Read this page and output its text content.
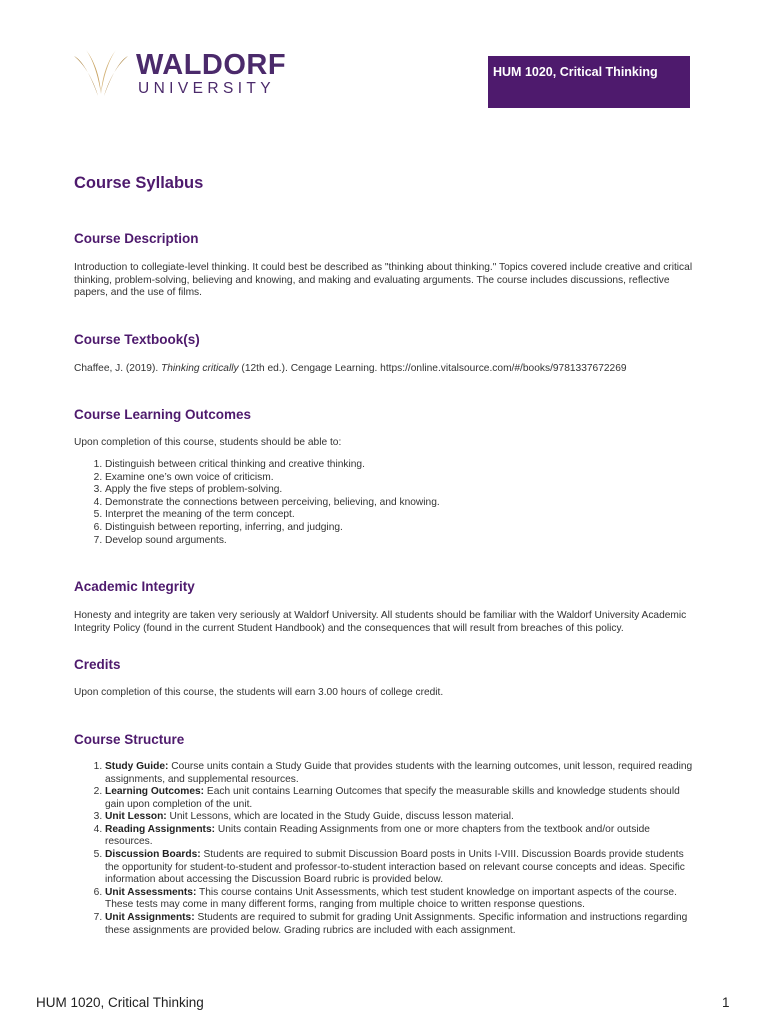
WALDORF
UNIVERSITY
HUM 1020, Critical Thinking
Course Syllabus
Course Description

Introduction to collegiate-level thinking. It could best be described as "thinking about thinking." Topics covered include creative and critical thinking, problem-solving, believing and knowing, and making and evaluating arguments. The course includes discussions, reflective papers, and the use of films.

Course Textbook(s)

Chaffee, J. (2019). Thinking critically (12th ed.). Cengage Learning. https://online.vitalsource.com/#/books/9781337672269

Course Learning Outcomes

Upon completion of this course, students should be able to:

1. Distinguish between critical thinking and creative thinking.
2. Examine one’s own voice of criticism.
3. Apply the five steps of problem-solving.
4. Demonstrate the connections between perceiving, believing, and knowing.
5. Interpret the meaning of the term concept.
6. Distinguish between reporting, inferring, and judging.
7. Develop sound arguments.
Academic Integrity

Honesty and integrity are taken very seriously at Waldorf University. All students should be familiar with the Waldorf University Academic Integrity Policy (found in the current Student Handbook) and the consequences that will result from breaches of this policy.

Credits

Upon completion of this course, the students will earn 3.00 hours of college credit.

Course Structure
1. Study Guide: Course units contain a Study Guide that provides students with the learning outcomes, unit lesson, required reading assignments, and supplemental resources.
2. Learning Outcomes: Each unit contains Learning Outcomes that specify the measurable skills and knowledge students should gain upon completion of the unit.
3. Unit Lesson: Unit Lessons, which are located in the Study Guide, discuss lesson material.
4. Reading Assignments: Units contain Reading Assignments from one or more chapters from the textbook and/or outside resources.
5. Discussion Boards: Students are required to submit Discussion Board posts in Units I-VIII. Discussion Boards provide students the opportunity for student-to-student and professor-to-student interaction based on relevant course concepts and ideas. Specific information about accessing the Discussion Board rubric is provided below.
6. Unit Assessments: This course contains Unit Assessments, which test student knowledge on important aspects of the course. These tests may come in many different forms, ranging from multiple choice to written response questions.
7. Unit Assignments: Students are required to submit for grading Unit Assignments. Specific information and instructions regarding these assignments are provided below. Grading rubrics are included with each assignment.
HUM 1020, Critical Thinking	1
